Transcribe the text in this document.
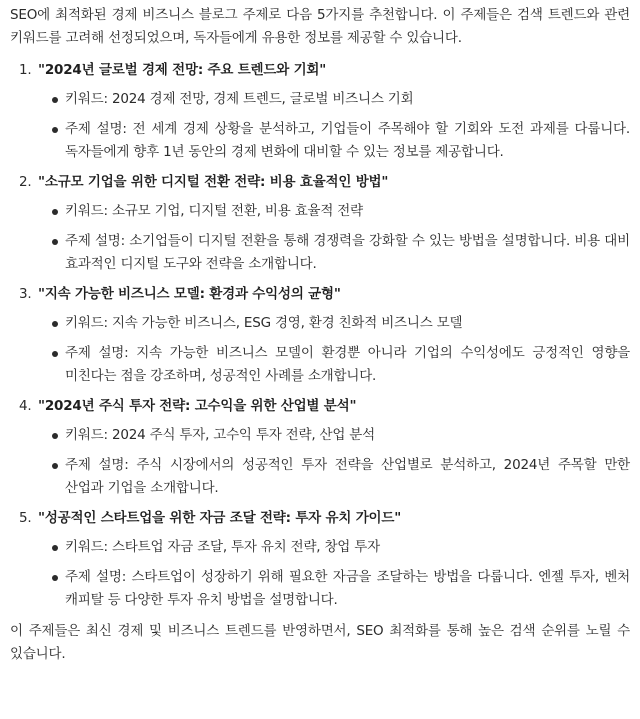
SEO에 최적화된 경제 비즈니스 블로그 주제로 다음 5가지를 추천합니다. 이 주제들은 검색 트렌드와 관련 키워드를 고려해 선정되었으며, 독자들에게 유용한 정보를 제공할 수 있습니다.

1. "2024년 글로벌 경제 전망: 주요 트렌드와 기회"
키워드: 2024 경제 전망, 경제 트렌드, 글로벌 비즈니스 기회
주제 설명: 전 세계 경제 상황을 분석하고, 기업들이 주목해야 할 기회와 도전 과제를 다룹니다. 독자들에게 향후 1년 동안의 경제 변화에 대비할 수 있는 정보를 제공합니다.
2. "소규모 기업을 위한 디지털 전환 전략: 비용 효율적인 방법"
키워드: 소규모 기업, 디지털 전환, 비용 효율적 전략
주제 설명: 소기업들이 디지털 전환을 통해 경쟁력을 강화할 수 있는 방법을 설명합니다. 비용 대비 효과적인 디지털 도구와 전략을 소개합니다.
3. "지속 가능한 비즈니스 모델: 환경과 수익성의 균형"
키워드: 지속 가능한 비즈니스, ESG 경영, 환경 친화적 비즈니스 모델
주제 설명: 지속 가능한 비즈니스 모델이 환경뿐 아니라 기업의 수익성에도 긍정적인 영향을 미친다는 점을 강조하며, 성공적인 사례를 소개합니다.
4. "2024년 주식 투자 전략: 고수익을 위한 산업별 분석"
키워드: 2024 주식 투자, 고수익 투자 전략, 산업 분석
주제 설명: 주식 시장에서의 성공적인 투자 전략을 산업별로 분석하고, 2024년 주목할 만한 산업과 기업을 소개합니다.
5. "성공적인 스타트업을 위한 자금 조달 전략: 투자 유치 가이드"
키워드: 스타트업 자금 조달, 투자 유치 전략, 창업 투자
주제 설명: 스타트업이 성장하기 위해 필요한 자금을 조달하는 방법을 다룹니다. 엔젤 투자, 벤처 캐피탈 등 다양한 투자 유치 방법을 설명합니다.

이 주제들은 최신 경제 및 비즈니스 트렌드를 반영하면서, SEO 최적화를 통해 높은 검색 순위를 노릴 수 있습니다.
